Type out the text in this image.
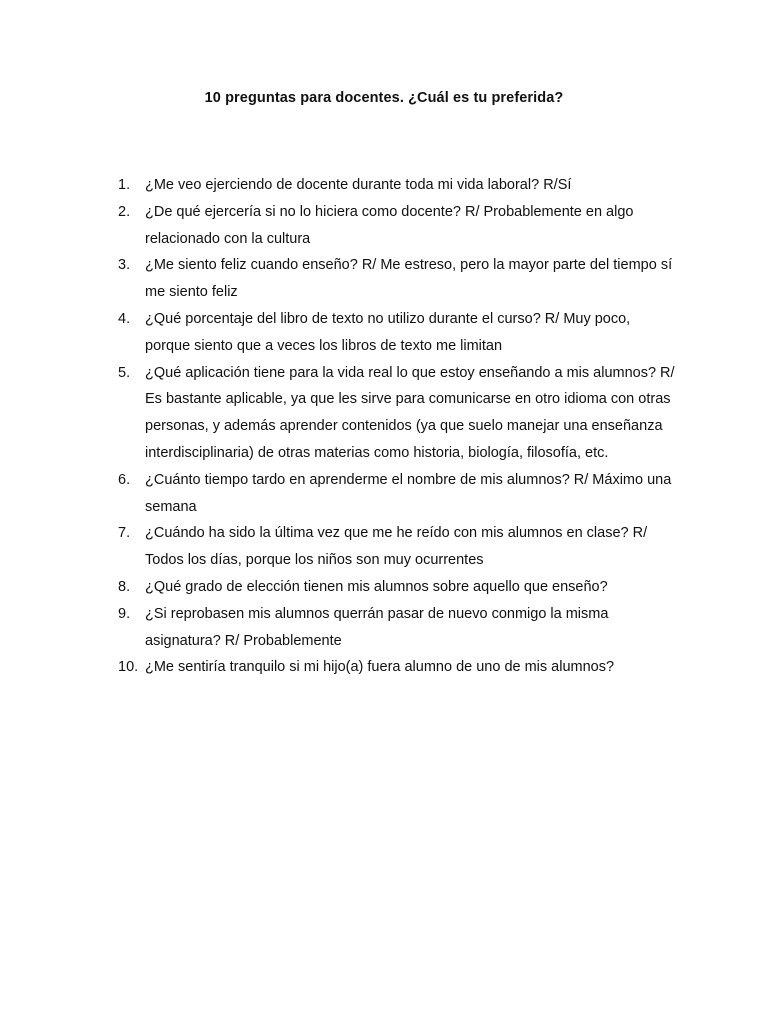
10 preguntas para docentes. ¿Cuál es tu preferida?
1.	¿Me veo ejerciendo de docente durante toda mi vida laboral? R/Sí
2.	¿De qué ejercería si no lo hiciera como docente? R/ Probablemente en algo relacionado con la cultura
3.	¿Me siento feliz cuando enseño? R/ Me estreso, pero la mayor parte del tiempo sí me siento feliz
4.	¿Qué porcentaje del libro de texto no utilizo durante el curso? R/ Muy poco, porque siento que a veces los libros de texto me limitan
5.	¿Qué aplicación tiene para la vida real lo que estoy enseñando a mis alumnos? R/ Es bastante aplicable, ya que les sirve para comunicarse en otro idioma con otras personas, y además aprender contenidos (ya que suelo manejar una enseñanza interdisciplinaria) de otras materias como historia, biología, filosofía, etc.
6.	¿Cuánto tiempo tardo en aprenderme el nombre de mis alumnos? R/ Máximo una semana
7.	¿Cuándo ha sido la última vez que me he reído con mis alumnos en clase? R/ Todos los días, porque los niños son muy ocurrentes
8.	¿Qué grado de elección tienen mis alumnos sobre aquello que enseño?
9.	¿Si reprobasen mis alumnos querrán pasar de nuevo conmigo la misma asignatura? R/ Probablemente
10. ¿Me sentiría tranquilo si mi hijo(a) fuera alumno de uno de mis alumnos?
